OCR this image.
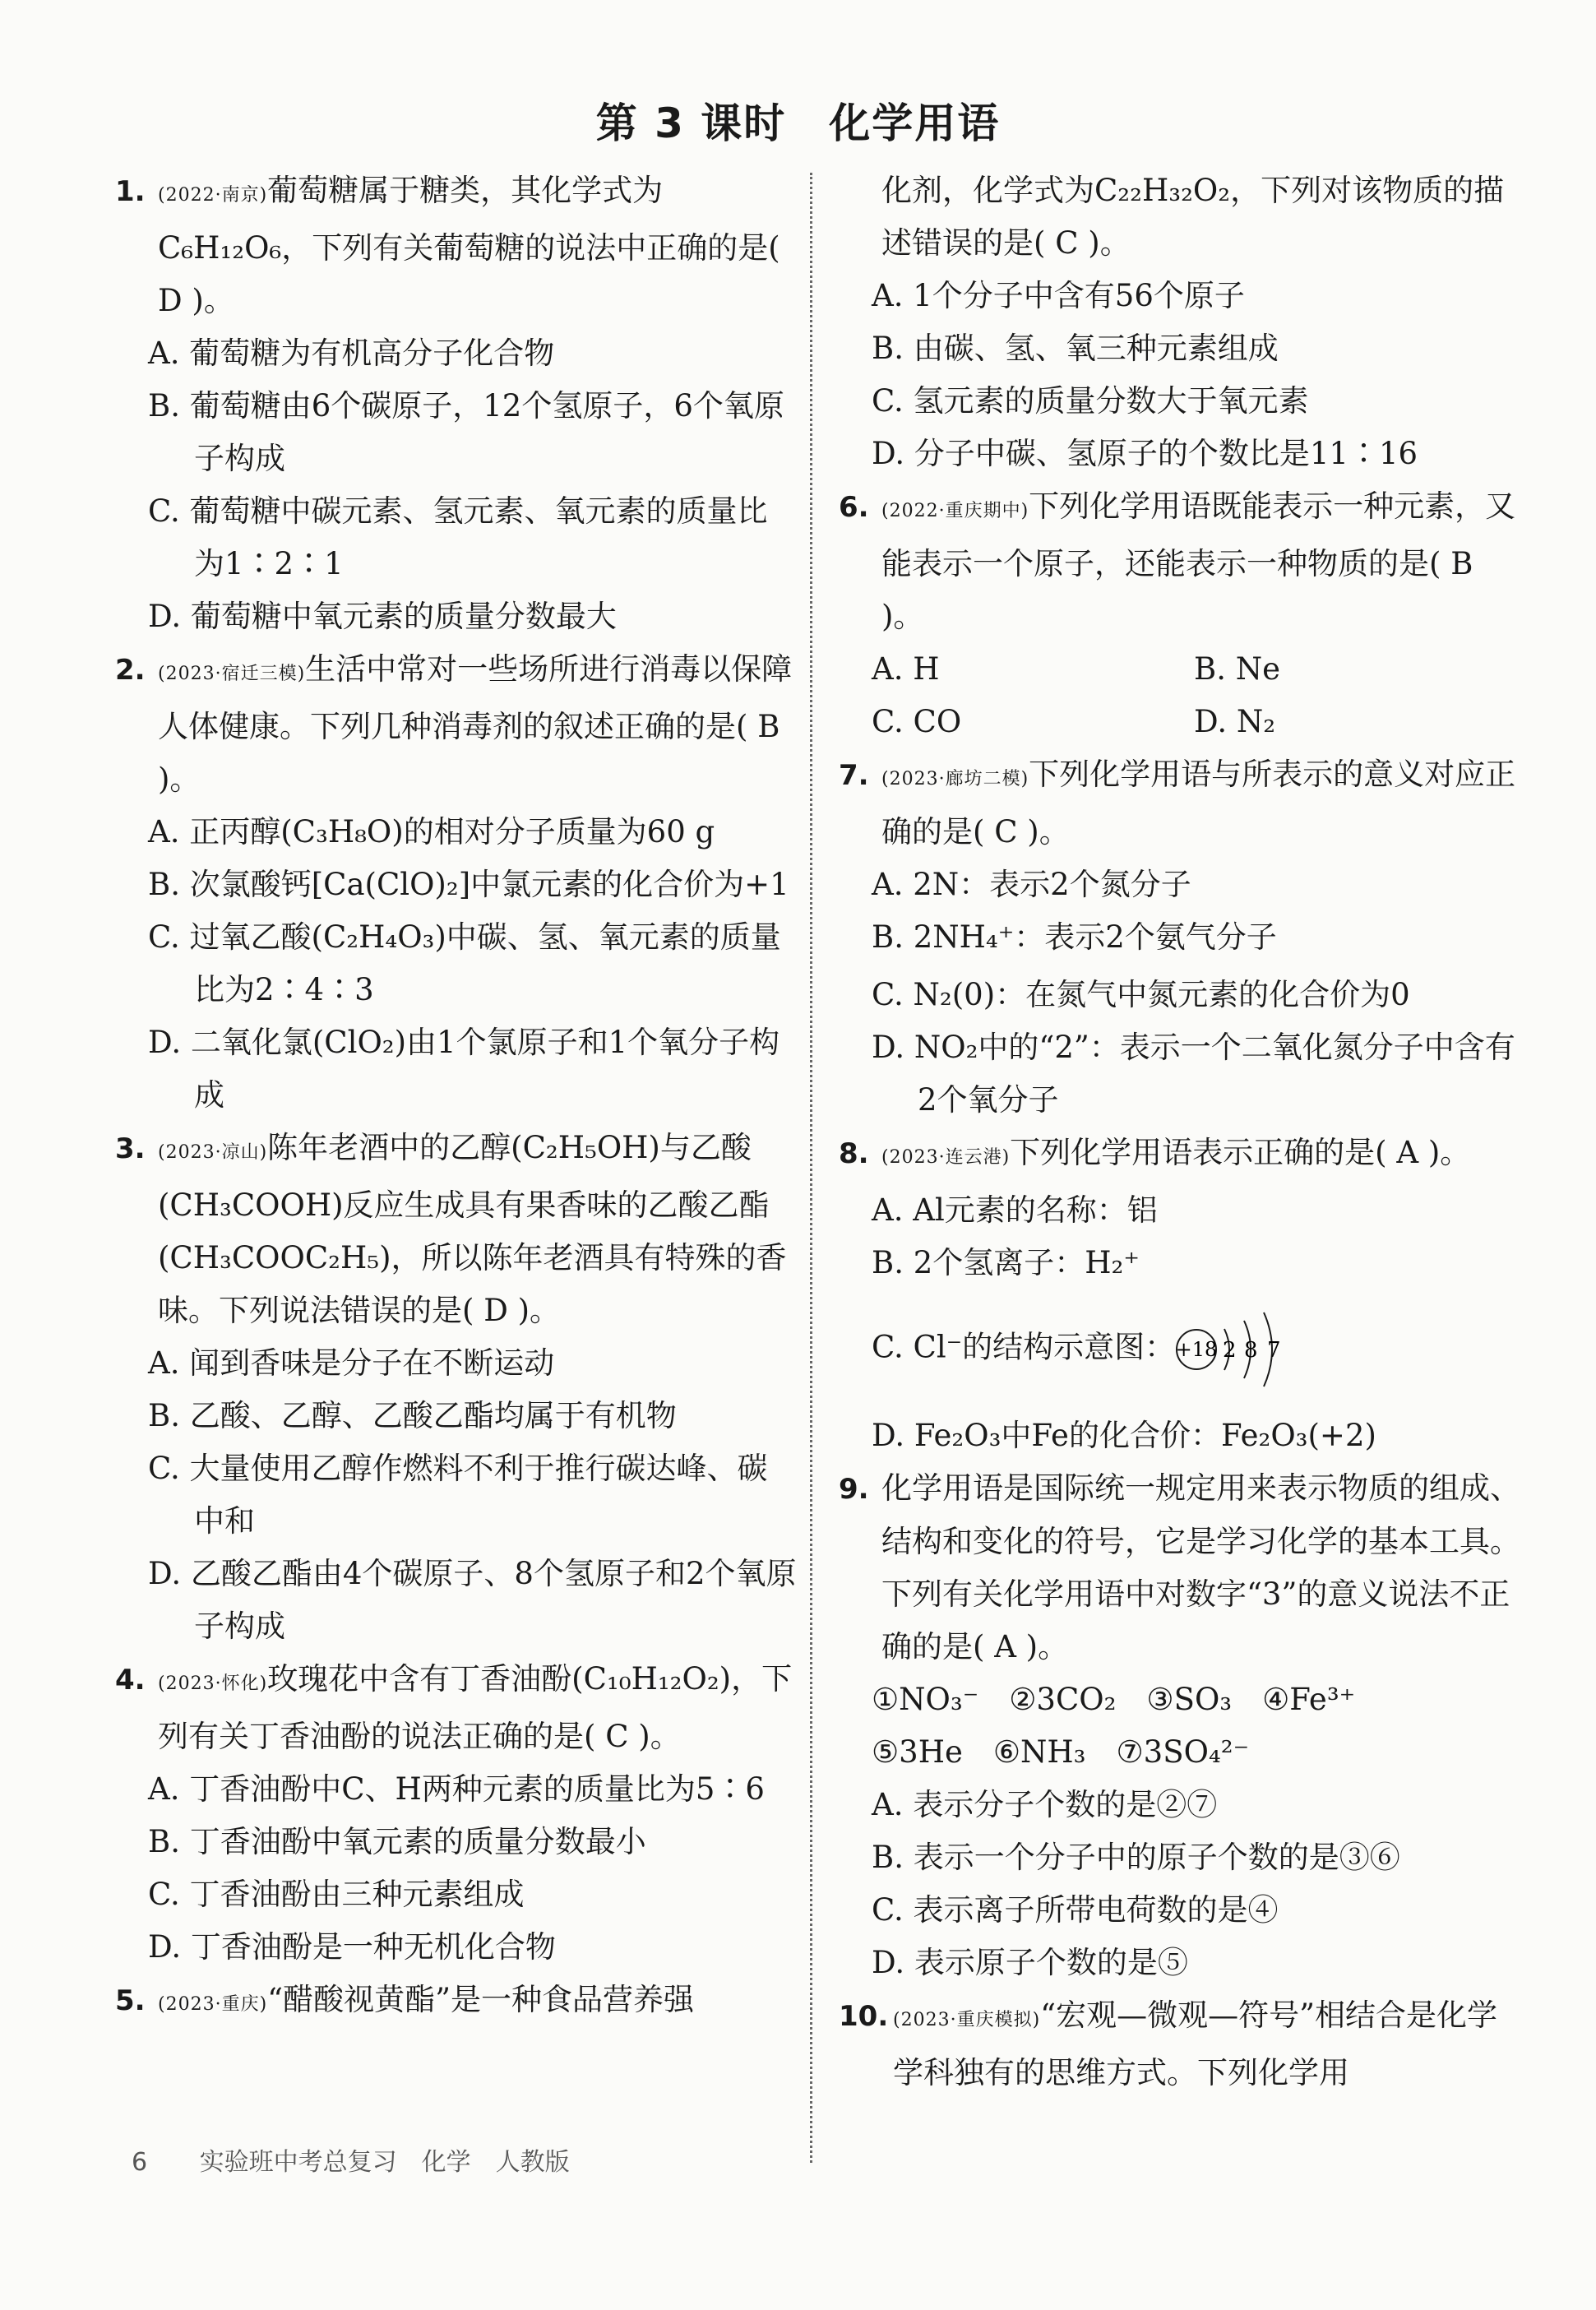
第 3 课时　化学用语

1. (2022·南京)葡萄糖属于糖类，其化学式为C₆H₁₂O₆，下列有关葡萄糖的说法中正确的是( D )。

A. 葡萄糖为有机高分子化合物

B. 葡萄糖由6个碳原子，12个氢原子，6个氧原子构成

C. 葡萄糖中碳元素、氢元素、氧元素的质量比为1∶2∶1

D. 葡萄糖中氧元素的质量分数最大

2. (2023·宿迁三模)生活中常对一些场所进行消毒以保障人体健康。下列几种消毒剂的叙述正确的是( B )。

A. 正丙醇(C₃H₈O)的相对分子质量为60 g

B. 次氯酸钙[Ca(ClO)₂]中氯元素的化合价为+1

C. 过氧乙酸(C₂H₄O₃)中碳、氢、氧元素的质量比为2∶4∶3

D. 二氧化氯(ClO₂)由1个氯原子和1个氧分子构成

3. (2023·凉山)陈年老酒中的乙醇(C₂H₅OH)与乙酸(CH₃COOH)反应生成具有果香味的乙酸乙酯(CH₃COOC₂H₅)，所以陈年老酒具有特殊的香味。下列说法错误的是( D )。

A. 闻到香味是分子在不断运动

B. 乙酸、乙醇、乙酸乙酯均属于有机物

C. 大量使用乙醇作燃料不利于推行碳达峰、碳中和

D. 乙酸乙酯由4个碳原子、8个氢原子和2个氧原子构成

4. (2023·怀化)玫瑰花中含有丁香油酚(C₁₀H₁₂O₂)，下列有关丁香油酚的说法正确的是( C )。

A. 丁香油酚中C、H两种元素的质量比为5∶6

B. 丁香油酚中氧元素的质量分数最小

C. 丁香油酚由三种元素组成

D. 丁香油酚是一种无机化合物

5. (2023·重庆)“醋酸视黄酯”是一种食品营养强

化剂，化学式为C₂₂H₃₂O₂，下列对该物质的描述错误的是( C )。

A. 1个分子中含有56个原子

B. 由碳、氢、氧三种元素组成

C. 氢元素的质量分数大于氧元素

D. 分子中碳、氢原子的个数比是11∶16

6. (2022·重庆期中)下列化学用语既能表示一种元素，又能表示一个原子，还能表示一种物质的是( B )。

A. H	B. Ne
C. CO	D. N₂

7. (2023·廊坊二模)下列化学用语与所表示的意义对应正确的是( C )。

A. 2N：表示2个氮分子

B. 2NH₄⁺：表示2个氨气分子

C. N₂(0)：在氮气中氮元素的化合价为0

D. NO₂中的“2”：表示一个二氧化氮分子中含有2个氧分子

8. (2023·连云港)下列化学用语表示正确的是( A )。

A. Al元素的名称：铝

B. 2个氢离子：H₂⁺

C. Cl⁻的结构示意图： +18 2 8 7

D. Fe₂O₃中Fe的化合价：Fe₂O₃(+2)

9. 化学用语是国际统一规定用来表示物质的组成、结构和变化的符号，它是学习化学的基本工具。下列有关化学用语中对数字“3”的意义说法不正确的是( A )。

①NO₃⁻　②3CO₂　③SO₃　④Fe³⁺

⑤3He　⑥NH₃　⑦3SO₄²⁻

A. 表示分子个数的是②⑦

B. 表示一个分子中的原子个数的是③⑥

C. 表示离子所带电荷数的是④

D. 表示原子个数的是⑤

10. (2023·重庆模拟)“宏观—微观—符号”相结合是化学学科独有的思维方式。下列化学用

6 实验班中考总复习　化学　人教版
